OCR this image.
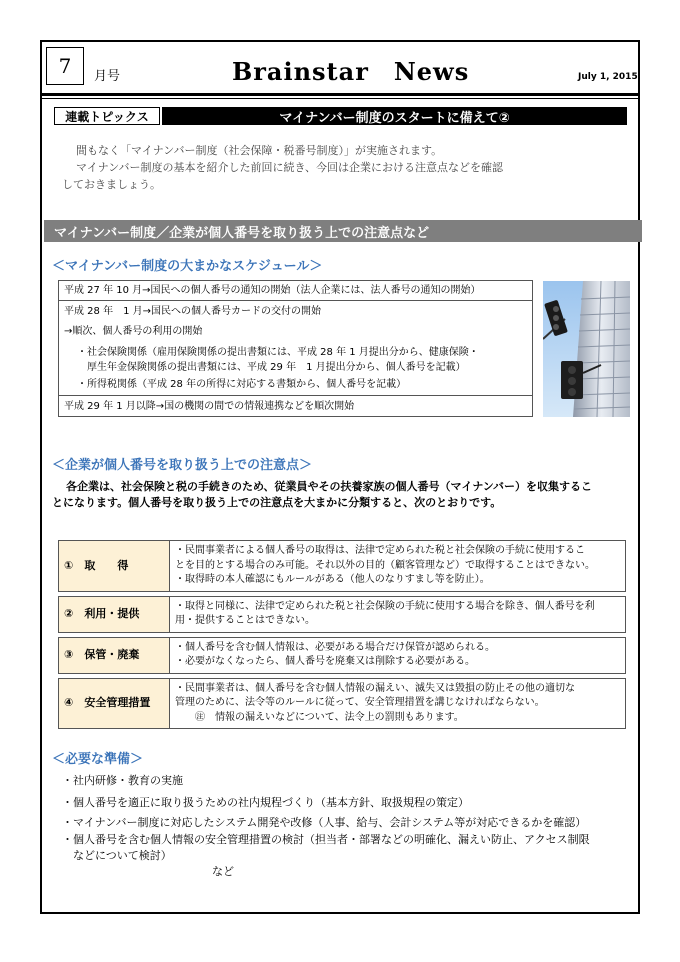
7 月号	Brainstar　News	July 1, 2015
連載トピックス	マイナンバー制度のスタートに備えて②
間もなく「マイナンバー制度（社会保障・税番号制度）」が実施されます。
マイナンバー制度の基本を紹介した前回に続き、今回は企業における注意点などを確認
しておきましょう。
マイナンバー制度／企業が個人番号を取り扱う上での注意点など
＜マイナンバー制度の大まかなスケジュール＞
平成 27 年 10 月→国民への個人番号の通知の開始（法人企業には、法人番号の通知の開始）
平成 28 年　1 月→国民への個人番号カードの交付の開始
→順次、個人番号の利用の開始
・社会保険関係（雇用保険関係の提出書類には、平成 28 年 1 月提出分から、健康保険・
厚生年金保険関係の提出書類には、平成 29 年　1 月提出分から、個人番号を記載）
・所得税関係（平成 28 年の所得に対応する書類から、個人番号を記載）
平成 29 年 1 月以降→国の機関の間での情報連携などを順次開始
＜企業が個人番号を取り扱う上での注意点＞
各企業は、社会保険と税の手続きのため、従業員やその扶養家族の個人番号（マイナンバー）を収集するこ
とになります。個人番号を取り扱う上での注意点を大まかに分類すると、次のとおりです。
①　取　　得	・民間事業者による個人番号の取得は、法律で定められた税と社会保険の手続に使用するこ
とを目的とする場合のみ可能。それ以外の目的（顧客管理など）で取得することはできない。
・取得時の本人確認にもルールがある（他人のなりすまし等を防止）。

②　利用・提供	・取得と同様に、法律で定められた税と社会保険の手続に使用する場合を除き、個人番号を利
用・提供することはできない。

③　保管・廃棄	・個人番号を含む個人情報は、必要がある場合だけ保管が認められる。
・必要がなくなったら、個人番号を廃棄又は削除する必要がある。

④　安全管理措置	・民間事業者は、個人番号を含む個人情報の漏えい、滅失又は毀損の防止その他の適切な
管理のために、法令等のルールに従って、安全管理措置を講じなければならない。
　　㊟　情報の漏えいなどについて、法令上の罰則もあります。
＜必要な準備＞
・社内研修・教育の実施
・個人番号を適正に取り扱うための社内規程づくり（基本方針、取扱規程の策定）
・マイナンバー制度に対応したシステム開発や改修（人事、給与、会計システム等が対応できるかを確認）
・個人番号を含む個人情報の安全管理措置の検討（担当者・部署などの明確化、漏えい防止、アクセス制限
　などについて検討）
など
